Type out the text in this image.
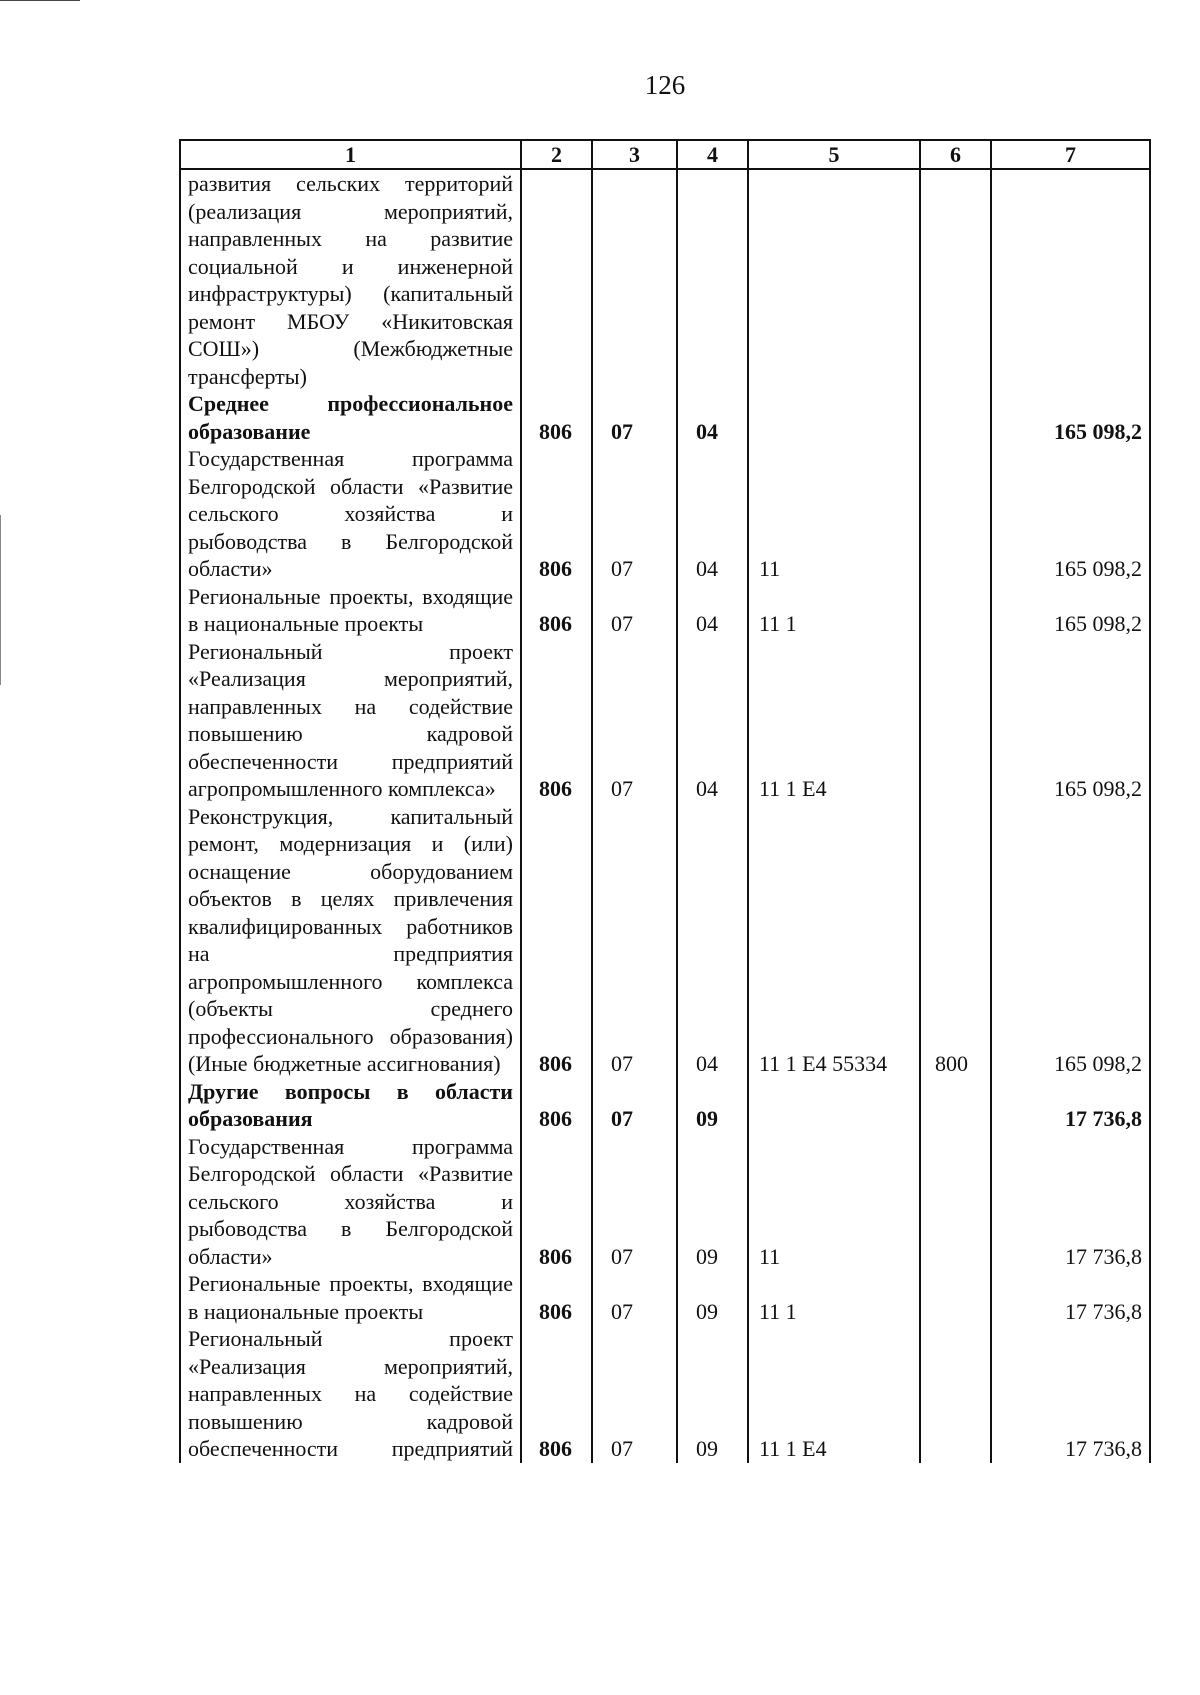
126
1	2	3	4	5	6	7
развития сельских территорий (реализация мероприятий, направленных на развитие социальной и инженерной инфраструктуры) (капитальный ремонт МБОУ «Никитовская СОШ») (Межбюджетные трансферты)						
Среднее профессиональное образование	806	07	04			165 098,2
Государственная программа Белгородской области «Развитие сельского хозяйства и рыбоводства в Белгородской области»	806	07	04	11		165 098,2
Региональные проекты, входящие в национальные проекты	806	07	04	11 1		165 098,2
Региональный проект «Реализация мероприятий, направленных на содействие повышению кадровой обеспеченности предприятий агропромышленного комплекса»	806	07	04	11 1 E4		165 098,2
Реконструкция, капитальный ремонт, модернизация и (или) оснащение оборудованием объектов в целях привлечения квалифицированных работников на предприятия агропромышленного комплекса (объекты среднего профессионального образования) (Иные бюджетные ассигнования)	806	07	04	11 1 E4 55334	800	165 098,2
Другие вопросы в области образования	806	07	09			17 736,8
Государственная программа Белгородской области «Развитие сельского хозяйства и рыбоводства в Белгородской области»	806	07	09	11		17 736,8
Региональные проекты, входящие в национальные проекты	806	07	09	11 1		17 736,8
Региональный проект «Реализация мероприятий, направленных на содействие повышению кадровой обеспеченности предприятий	806	07	09	11 1 E4		17 736,8
